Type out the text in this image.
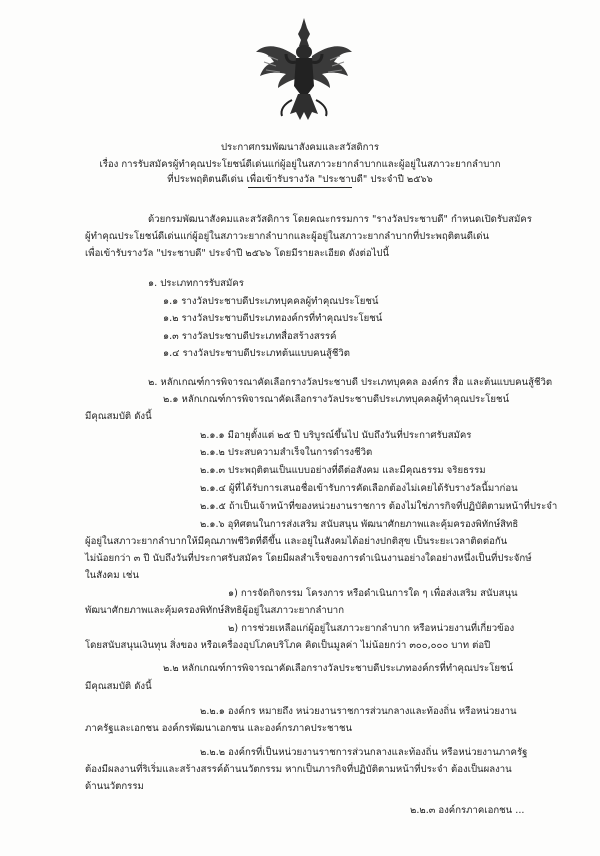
ประกาศกรมพัฒนาสังคมและสวัสดิการ
เรื่อง การรับสมัครผู้ทำคุณประโยชน์ดีเด่นแก่ผู้อยู่ในสภาวะยากลำบากและผู้อยู่ในสภาวะยากลำบาก
ที่ประพฤติตนดีเด่น เพื่อเข้ารับรางวัล "ประชาบดี" ประจำปี ๒๕๖๖
ด้วยกรมพัฒนาสังคมและสวัสดิการ โดยคณะกรรมการ "รางวัลประชาบดี" กำหนดเปิดรับสมัคร
ผู้ทำคุณประโยชน์ดีเด่นแก่ผู้อยู่ในสภาวะยากลำบากและผู้อยู่ในสภาวะยากลำบากที่ประพฤติตนดีเด่น
เพื่อเข้ารับรางวัล "ประชาบดี" ประจำปี ๒๕๖๖ โดยมีรายละเอียด ดังต่อไปนี้
๑. ประเภทการรับสมัคร
๑.๑ รางวัลประชาบดีประเภทบุคคลผู้ทำคุณประโยชน์
๑.๒ รางวัลประชาบดีประเภทองค์กรที่ทำคุณประโยชน์
๑.๓ รางวัลประชาบดีประเภทสื่อสร้างสรรค์
๑.๔ รางวัลประชาบดีประเภทต้นแบบคนสู้ชีวิต
๒. หลักเกณฑ์การพิจารณาคัดเลือกรางวัลประชาบดี ประเภทบุคคล องค์กร สื่อ และต้นแบบคนสู้ชีวิต
๒.๑ หลักเกณฑ์การพิจารณาคัดเลือกรางวัลประชาบดีประเภทบุคคลผู้ทำคุณประโยชน์
มีคุณสมบัติ ดังนี้
๒.๑.๑ มีอายุตั้งแต่ ๒๕ ปี บริบูรณ์ขึ้นไป นับถึงวันที่ประกาศรับสมัคร
๒.๑.๒ ประสบความสำเร็จในการดำรงชีวิต
๒.๑.๓ ประพฤติตนเป็นแบบอย่างที่ดีต่อสังคม และมีคุณธรรม จริยธรรม
๒.๑.๔ ผู้ที่ได้รับการเสนอชื่อเข้ารับการคัดเลือกต้องไม่เคยได้รับรางวัลนี้มาก่อน
๒.๑.๕ ถ้าเป็นเจ้าหน้าที่ของหน่วยงานราชการ ต้องไม่ใช่ภารกิจที่ปฏิบัติตามหน้าที่ประจำ
๒.๑.๖ อุทิศตนในการส่งเสริม สนับสนุน พัฒนาศักยภาพและคุ้มครองพิทักษ์สิทธิ
ผู้อยู่ในสภาวะยากลำบากให้มีคุณภาพชีวิตที่ดีขึ้น และอยู่ในสังคมได้อย่างปกติสุข เป็นระยะเวลาติดต่อกัน
ไม่น้อยกว่า ๓ ปี นับถึงวันที่ประกาศรับสมัคร โดยมีผลสำเร็จของการดำเนินงานอย่างใดอย่างหนึ่งเป็นที่ประจักษ์
ในสังคม เช่น
๑) การจัดกิจกรรม โครงการ หรือดำเนินการใด ๆ เพื่อส่งเสริม สนับสนุน
พัฒนาศักยภาพและคุ้มครองพิทักษ์สิทธิผู้อยู่ในสภาวะยากลำบาก
๒) การช่วยเหลือแก่ผู้อยู่ในสภาวะยากลำบาก หรือหน่วยงานที่เกี่ยวข้อง
โดยสนับสนุนเงินทุน สิ่งของ หรือเครื่องอุปโภคบริโภค คิดเป็นมูลค่า ไม่น้อยกว่า ๓๐๐,๐๐๐ บาท ต่อปี
๒.๒ หลักเกณฑ์การพิจารณาคัดเลือกรางวัลประชาบดีประเภทองค์กรที่ทำคุณประโยชน์
มีคุณสมบัติ ดังนี้
๒.๒.๑ องค์กร หมายถึง หน่วยงานราชการส่วนกลางและท้องถิ่น หรือหน่วยงาน
ภาครัฐและเอกชน องค์กรพัฒนาเอกชน และองค์กรภาคประชาชน
๒.๒.๒ องค์กรที่เป็นหน่วยงานราชการส่วนกลางและท้องถิ่น หรือหน่วยงานภาครัฐ
ต้องมีผลงานที่ริเริ่มและสร้างสรรค์ด้านนวัตกรรม หากเป็นภารกิจที่ปฏิบัติตามหน้าที่ประจำ ต้องเป็นผลงาน
ด้านนวัตกรรม
๒.๒.๓ องค์กรภาคเอกชน ...
